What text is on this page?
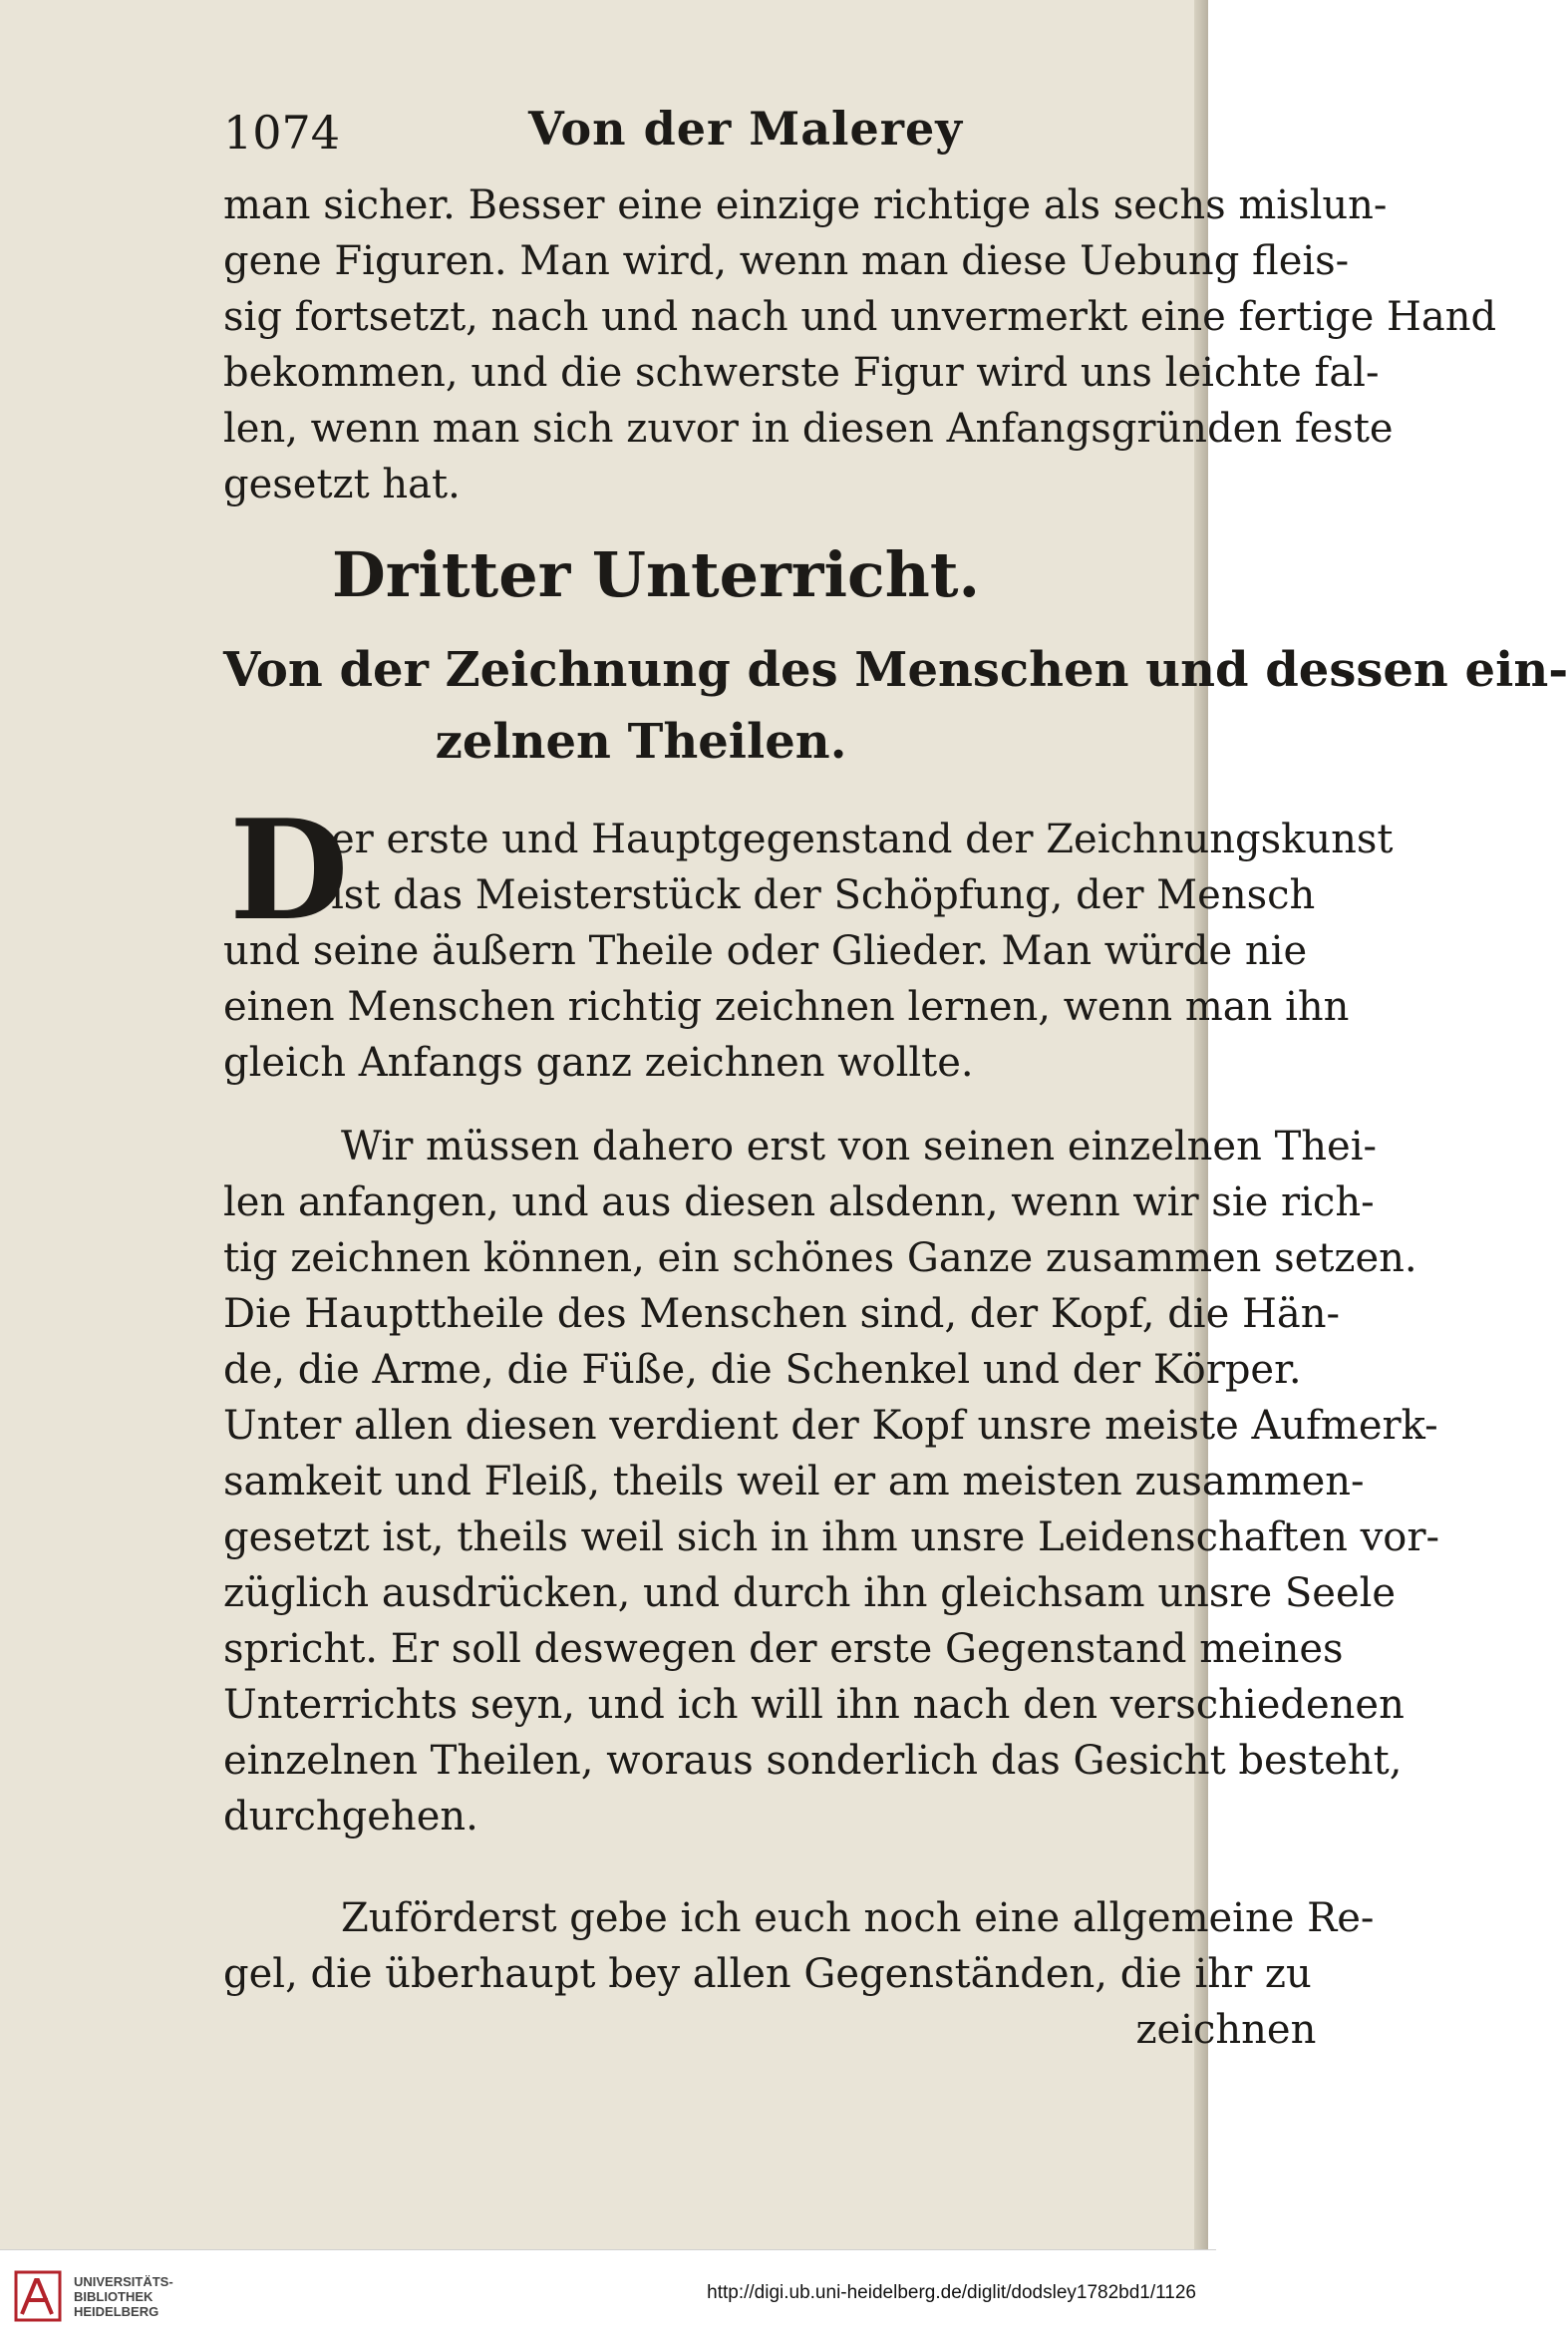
1074	Von der Malerey
man sicher. Besser eine einzige richtige als sechs mislun-
gene Figuren. Man wird, wenn man diese Uebung fleis-
sig fortsetzt, nach und nach und unvermerkt eine fertige Hand
bekommen, und die schwerste Figur wird uns leichte fal-
len, wenn man sich zuvor in diesen Anfangsgründen feste
gesetzt hat.
Dritter Unterricht.
Von der Zeichnung des Menschen und dessen ein-
zelnen Theilen.
D
er erste und Hauptgegenstand der Zeichnungskunst
ist das Meisterstück der Schöpfung, der Mensch
und seine äußern Theile oder Glieder. Man würde nie
einen Menschen richtig zeichnen lernen, wenn man ihn
gleich Anfangs ganz zeichnen wollte.
Wir müssen dahero erst von seinen einzelnen Thei-
len anfangen, und aus diesen alsdenn, wenn wir sie rich-
tig zeichnen können, ein schönes Ganze zusammen setzen.
Die Haupttheile des Menschen sind, der Kopf, die Hän-
de, die Arme, die Füße, die Schenkel und der Körper.
Unter allen diesen verdient der Kopf unsre meiste Aufmerk-
samkeit und Fleiß, theils weil er am meisten zusammen-
gesetzt ist, theils weil sich in ihm unsre Leidenschaften vor-
züglich ausdrücken, und durch ihn gleichsam unsre Seele
spricht. Er soll deswegen der erste Gegenstand meines
Unterrichts seyn, und ich will ihn nach den verschiedenen
einzelnen Theilen, woraus sonderlich das Gesicht besteht,
durchgehen.
Zuförderst gebe ich euch noch eine allgemeine Re-
gel, die überhaupt bey allen Gegenständen, die ihr zu
zeichnen
UNIVERSITÄTS-
BIBLIOTHEK
HEIDELBERG
http://digi.ub.uni-heidelberg.de/diglit/dodsley1782bd1/1126
